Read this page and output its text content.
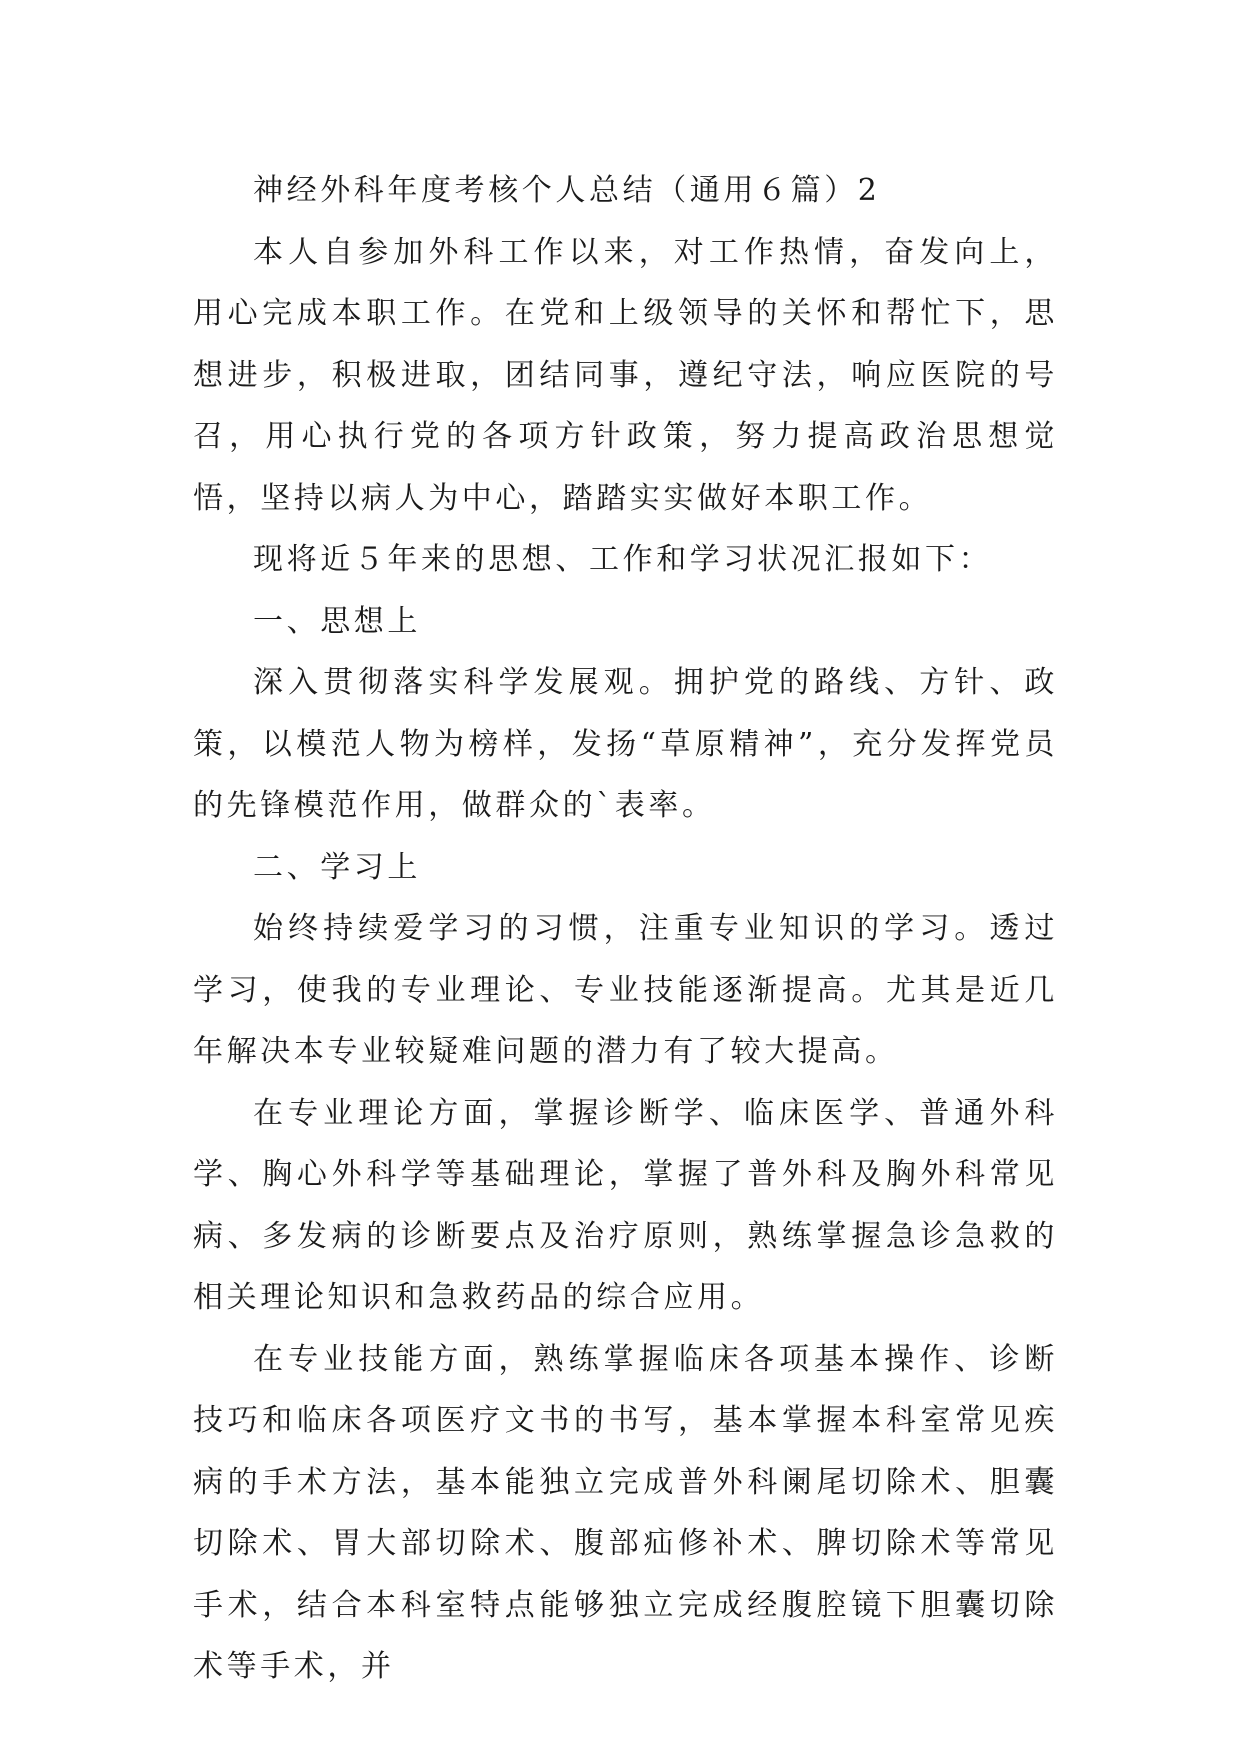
神经外科年度考核个人总结（通用６篇）2

本人自参加外科工作以来，对工作热情，奋发向上，用心完成本职工作。在党和上级领导的关怀和帮忙下，思想进步，积极进取，团结同事，遵纪守法，响应医院的号召，用心执行党的各项方针政策，努力提高政治思想觉悟，坚持以病人为中心，踏踏实实做好本职工作。

现将近５年来的思想、工作和学习状况汇报如下：

一、思想上

深入贯彻落实科学发展观。拥护党的路线、方针、政策，以模范人物为榜样，发扬“草原精神”，充分发挥党员的先锋模范作用，做群众的`表率。

二、学习上

始终持续爱学习的习惯，注重专业知识的学习。透过学习，使我的专业理论、专业技能逐渐提高。尤其是近几年解决本专业较疑难问题的潜力有了较大提高。

在专业理论方面，掌握诊断学、临床医学、普通外科学、胸心外科学等基础理论，掌握了普外科及胸外科常见病、多发病的诊断要点及治疗原则，熟练掌握急诊急救的相关理论知识和急救药品的综合应用。

在专业技能方面，熟练掌握临床各项基本操作、诊断技巧和临床各项医疗文书的书写，基本掌握本科室常见疾病的手术方法，基本能独立完成普外科阑尾切除术、胆囊切除术、胃大部切除术、腹部疝修补术、脾切除术等常见手术，结合本科室特点能够独立完成经腹腔镜下胆囊切除术等手术，并
